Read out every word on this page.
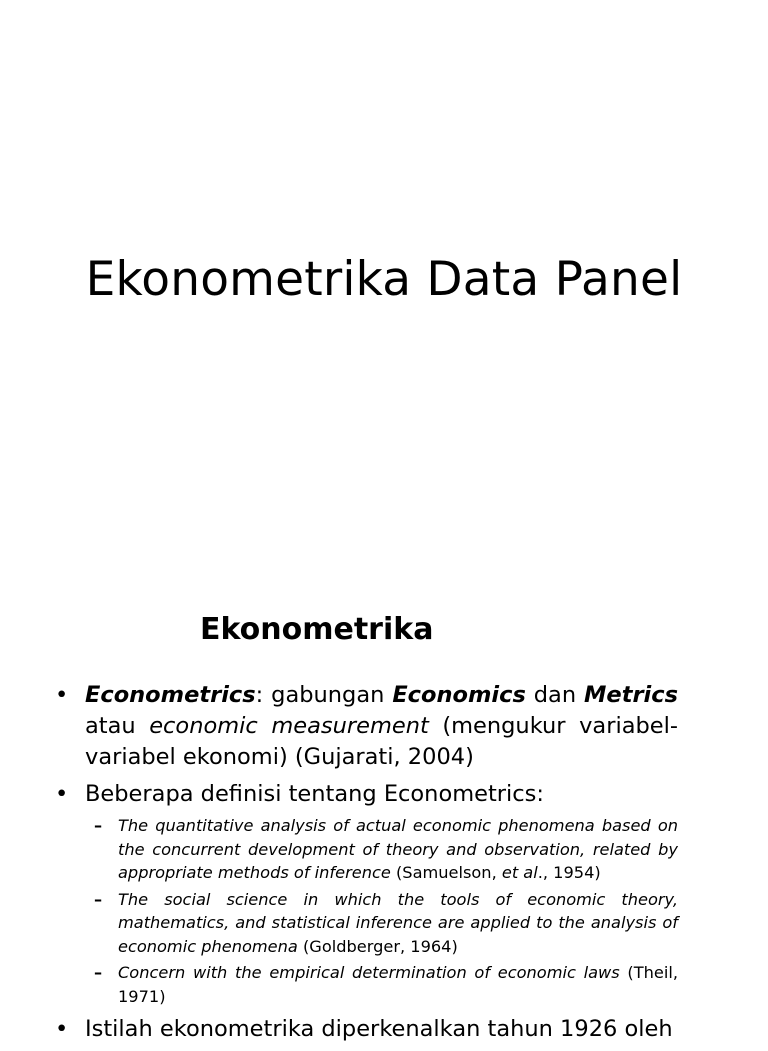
Ekonometrika Data Panel
Ekonometrika
• Econometrics: gabungan Economics dan Metrics atau economic measurement (mengukur variabel-variabel ekonomi) (Gujarati, 2004)
• Beberapa definisi tentang Econometrics:
– The quantitative analysis of actual economic phenomena based on the concurrent development of theory and observation, related by appropriate methods of inference (Samuelson, et al., 1954)
– The social science in which the tools of economic theory, mathematics, and statistical inference are applied to the analysis of economic phenomena (Goldberger, 1964)
– Concern with the empirical determination of economic laws (Theil, 1971)
• Istilah ekonometrika diperkenalkan tahun 1926 oleh
